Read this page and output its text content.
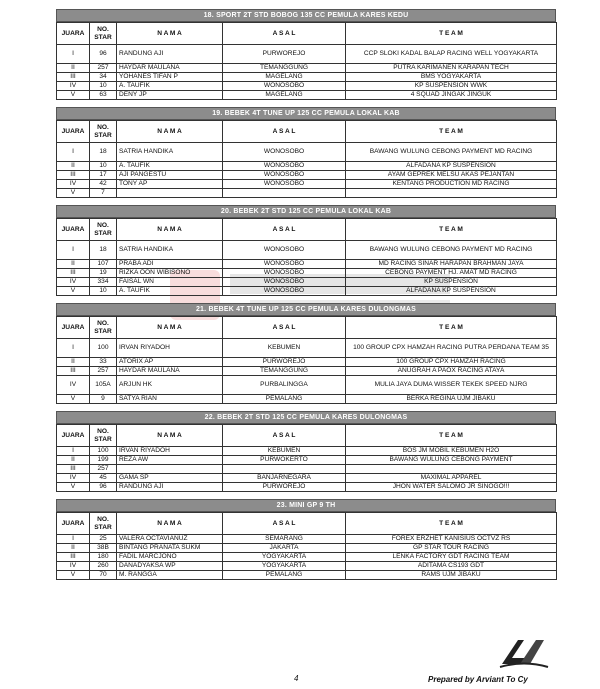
18. SPORT 2T STD BOBOG 135 CC PEMULA KARES KEDU
JUARA	NO. STAR	N A M A	A S A L	T E A M
I	96	RANDUNG AJI	PURWOREJO	CCP SLOKI KADAL BALAP RACING WELL YOGYAKARTA
II	257	HAYDAR MAULANA	TEMANGGUNG	PUTRA KARIMANEN KARAPAN TECH
III	34	YOHANES TIFAN P	MAGELANG	BMS YOGYAKARTA
IV	10	A. TAUFIK	WONOSOBO	KP SUSPENSION WWK
V	63	DENY JP	MAGELANG	4 SQUAD JINGAK JINGUK
19. BEBEK 4T TUNE UP 125 CC PEMULA LOKAL KAB
JUARA	NO. STAR	N A M A	A S A L	T E A M
I	18	SATRIA HANDIKA	WONOSOBO	BAWANG WULUNG CEBONG PAYMENT MD RACING
II	10	A. TAUFIK	WONOSOBO	ALFADANA KP SUSPENSION
III	17	AJI PANGESTU	WONOSOBO	AYAM GEPREK MELSU AKAS PEJANTAN
IV	42	TONY AP	WONOSOBO	KENTANG PRODUCTION MD RACING
V	7			
20. BEBEK 2T STD 125 CC PEMULA LOKAL KAB
JUARA	NO. STAR	N A M A	A S A L	T E A M
I	18	SATRIA HANDIKA	WONOSOBO	BAWANG WULUNG CEBONG PAYMENT MD RACING
II	107	PRABA ADI	WONOSOBO	MD RACING SINAR HARAPAN BRAHMAN JAYA
III	19	RIZKA OON WIBISONO	WONOSOBO	CEBONG PAYMENT HJ. AMAT MD RACING
IV	334	FAISAL WN	WONOSOBO	KP SUSPENSION
V	10	A. TAUFIK	WONOSOBO	ALFADANA KP SUSPENSION
21. BEBEK 4T TUNE UP 125 CC PEMULA KARES DULONGMAS
JUARA	NO. STAR	N A M A	A S A L	T E A M
I	100	IRVAN RIYADOH	KEBUMEN	100 GROUP CPX HAMZAH RACING PUTRA PERDANA TEAM 35
II	33	ATORIX AP	PURWOREJO	100 GROUP CPX HAMZAH RACING
III	257	HAYDAR MAULANA	TEMANGGUNG	ANUGRAH A PAOX RACING ATAYA
IV	105A	ARJUN HK	PURBALINGGA	MULIA JAYA DUMA WISSER TEKEK SPEED NJRG
V	9	SATYA RIAN	PEMALANG	BERKA REGINA UJM JIBAKU
22. BEBEK 2T STD 125 CC PEMULA KARES DULONGMAS
JUARA	NO. STAR	N A M A	A S A L	T E A M
I	100	IRVAN RIYADOH	KEBUMEN	BOS JM MOBIL KEBUMEN H2O
II	199	REZA AW	PURWOKERTO	BAWANG WULUNG CEBONG PAYMENT
III	257			
IV	45	GAMA SP	BANJARNEGARA	MAXIMAL APPAREL
V	96	RANDUNG AJI	PURWOREJO	JHON WATER SALOMO JR SINOGO!!!
23. MINI GP 9 TH
JUARA	NO. STAR	N A M A	A S A L	T E A M
I	25	VALERA OCTAVIANUZ	SEMARANG	FOREX ERZHET KANISIUS OCTVZ RS
II	38B	BINTANG PRANATA SUKM	JAKARTA	GP STAR TOUR RACING
III	180	FADIL MARCJONO	YOGYAKARTA	LENKA FACTORY GDT RACING TEAM
IV	260	DANADYAKSA WP	YOGYAKARTA	ADITAMA CS193 GDT
V	70	M. RANGGA	PEMALANG	RAMS UJM JIBAKU
4	Prepared by Arviant To Cy
